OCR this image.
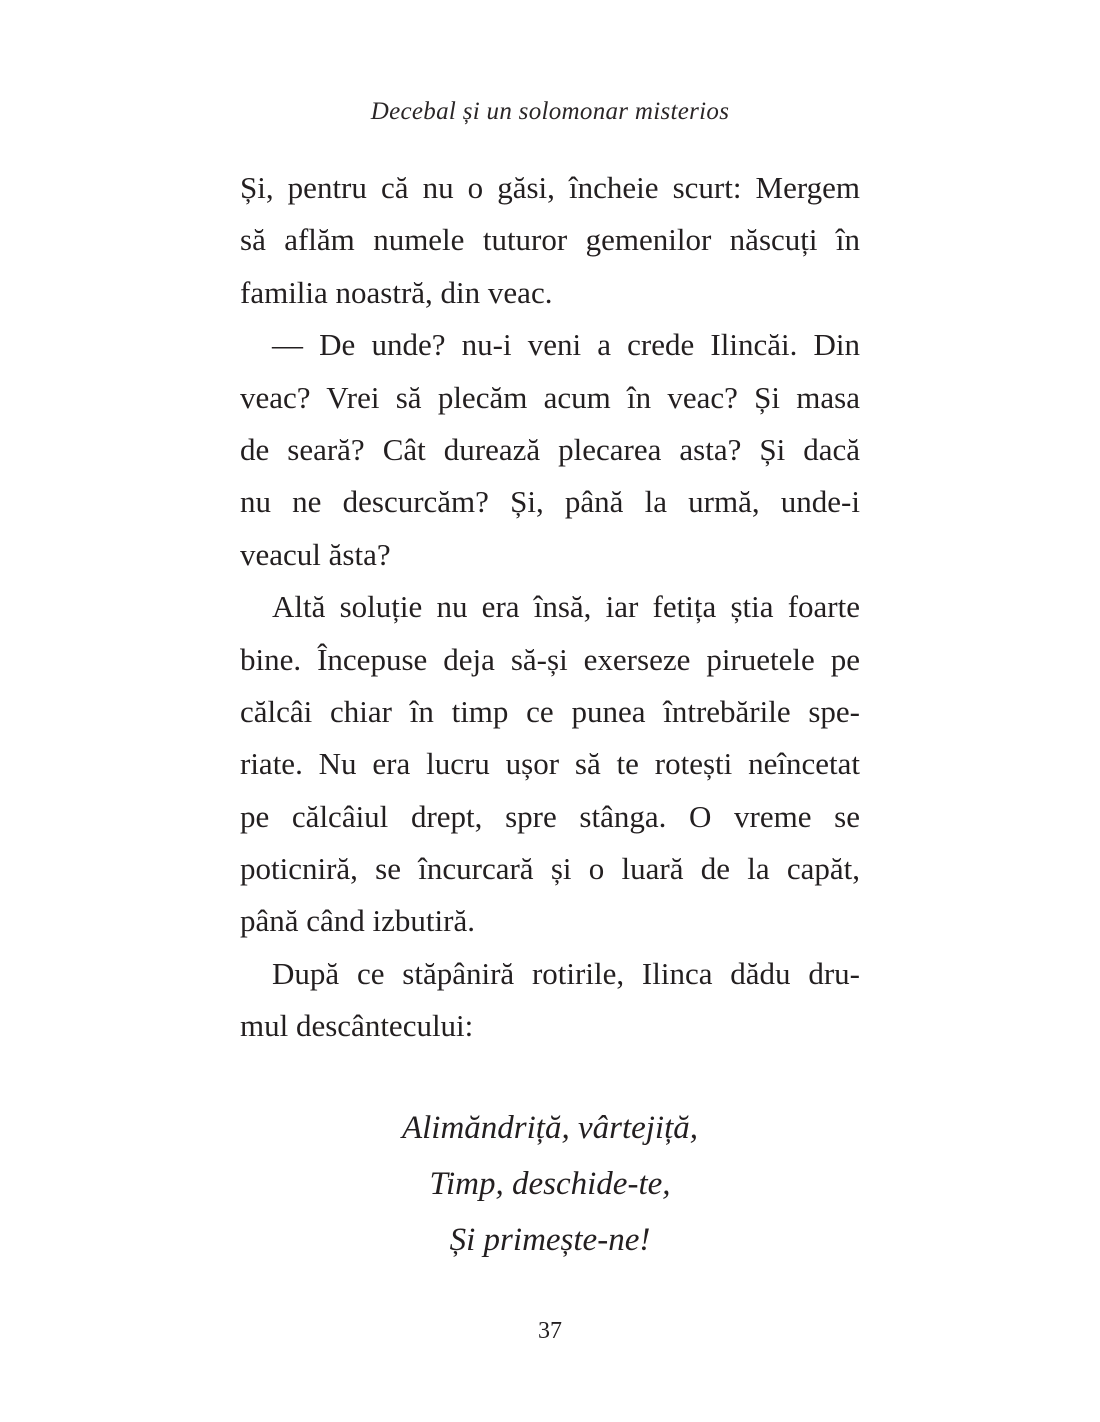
Decebal și un solomonar misterios
Și, pentru că nu o găsi, încheie scurt: Mergem
să aflăm numele tuturor gemenilor născuți în
familia noastră, din veac.
— De unde? nu-i veni a crede Ilincăi. Din
veac? Vrei să plecăm acum în veac? Și masa
de seară? Cât durează plecarea asta? Și dacă
nu ne descurcăm? Și, până la urmă, unde-i
veacul ăsta?
Altă soluție nu era însă, iar fetița știa foarte
bine. Începuse deja să-și exerseze piruetele pe
călcâi chiar în timp ce punea întrebările spe-
riate. Nu era lucru ușor să te rotești neîncetat
pe călcâiul drept, spre stânga. O vreme se
poticniră, se încurcară și o luară de la capăt,
până când izbutiră.
După ce stăpâniră rotirile, Ilinca dădu dru-
mul descântecului:
Alimăndriță, vârtejiță,
Timp, deschide-te,
Și primește-ne!
37
